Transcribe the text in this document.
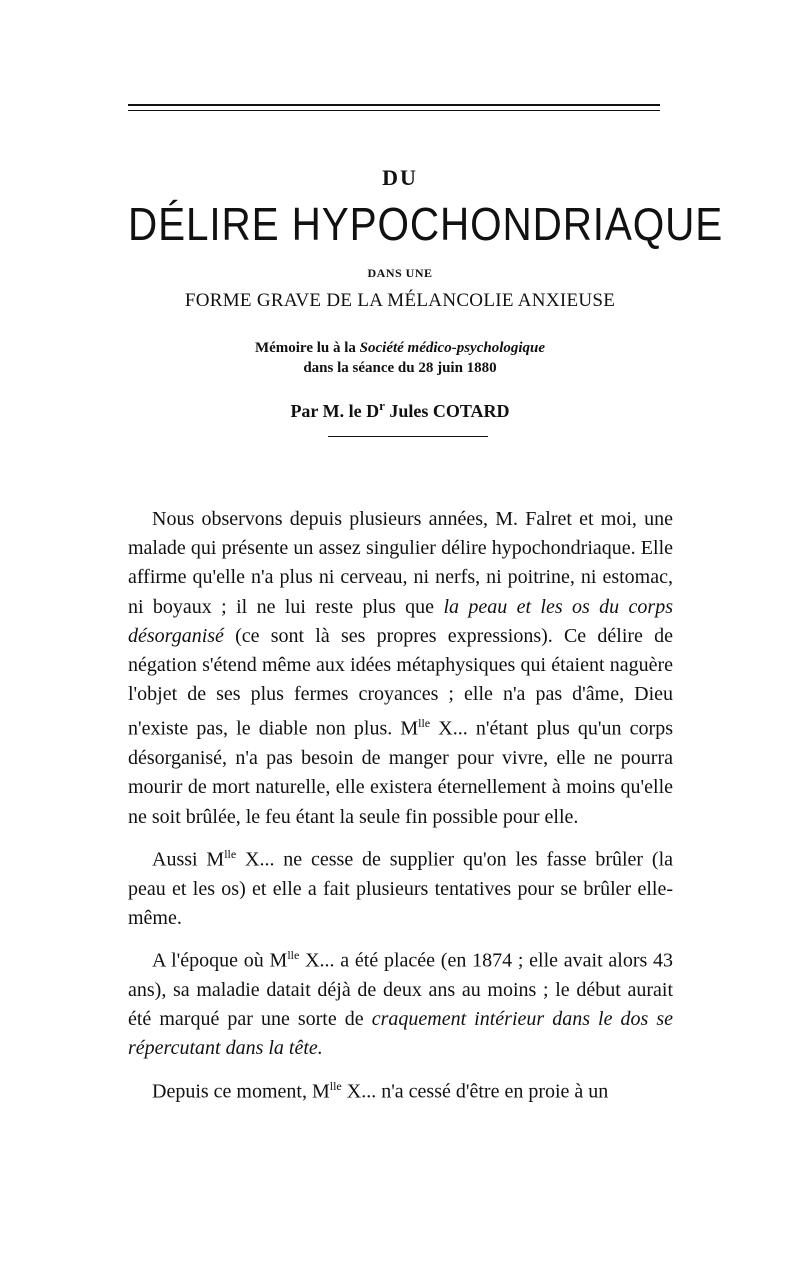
DU
DÉLIRE HYPOCHONDRIAQUE
DANS UNE
FORME GRAVE DE LA MÉLANCOLIE ANXIEUSE
Mémoire lu à la Société médico-psychologique
dans la séance du 28 juin 1880
Par M. le $D^r$ Jules COTARD

Nous observons depuis plusieurs années, M. Falret et moi, une malade qui présente un assez singulier délire hypochondriaque. Elle affirme qu'elle n'a plus ni cerveau, ni nerfs, ni poitrine, ni estomac, ni boyaux ; il ne lui reste plus que la peau et les os du corps désorganisé (ce sont là ses propres expressions). Ce délire de négation s'étend même aux idées métaphysiques qui étaient naguère l'objet de ses plus fermes croyances ; elle n'a pas d'âme, Dieu n'existe pas, le diable non plus. $M^{lle}$ X... n'étant plus qu'un corps désorganisé, n'a pas besoin de manger pour vivre, elle ne pourra mourir de mort naturelle, elle existera éternellement à moins qu'elle ne soit brûlée, le feu étant la seule fin possible pour elle.

Aussi $M^{lle}$ X... ne cesse de supplier qu'on les fasse brûler (la peau et les os) et elle a fait plusieurs tentatives pour se brûler elle-même.

A l'époque où $M^{lle}$ X... a été placée (en 1874 ; elle avait alors 43 ans), sa maladie datait déjà de deux ans au moins ; le début aurait été marqué par une sorte de craquement intérieur dans le dos se répercutant dans la tête.

Depuis ce moment, $M^{lle}$ X... n'a cessé d'être en proie à un
